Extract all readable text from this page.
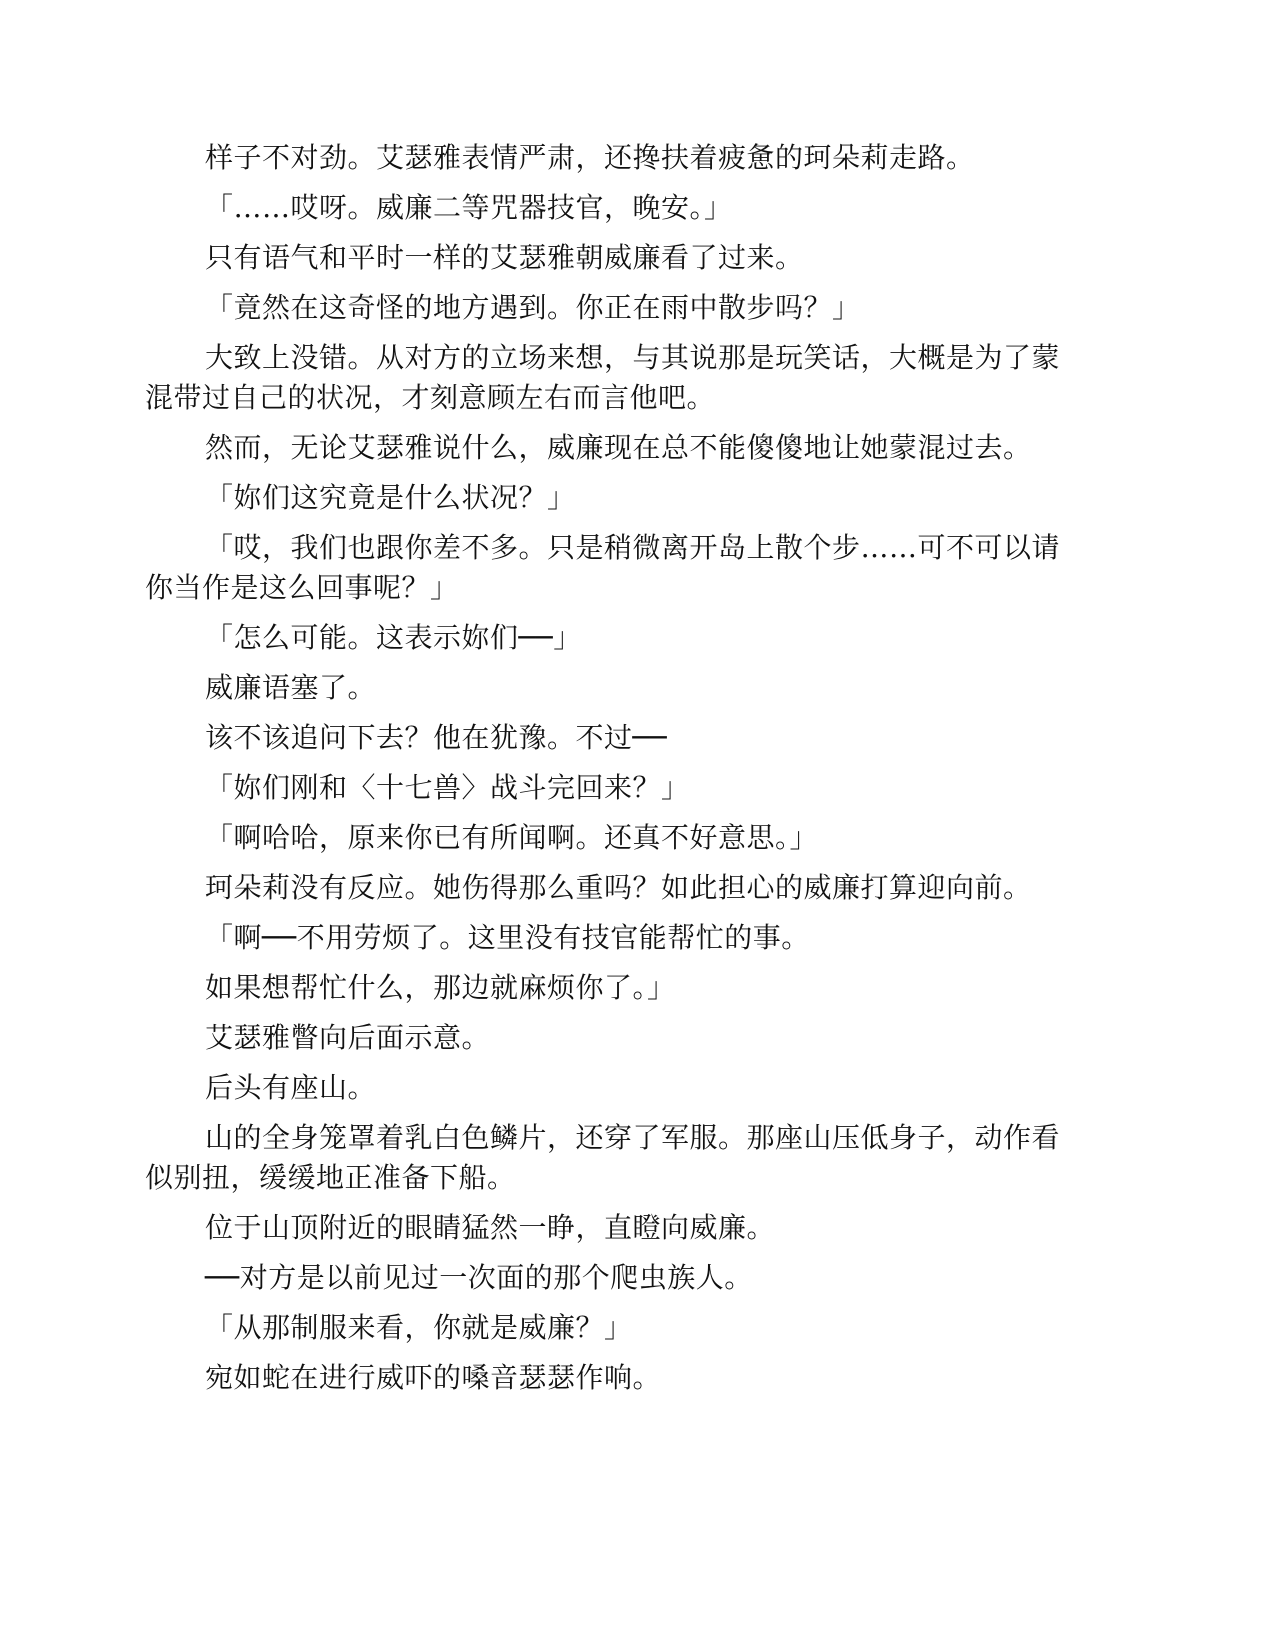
样子不对劲。艾瑟雅表情严肃，还搀扶着疲惫的珂朵莉走路。

「……哎呀。威廉二等咒器技官，晚安。」

只有语气和平时一样的艾瑟雅朝威廉看了过来。

「竟然在这奇怪的地方遇到。你正在雨中散步吗？」

大致上没错。从对方的立场来想，与其说那是玩笑话，大概是为了蒙混带过自己的状况，才刻意顾左右而言他吧。

然而，无论艾瑟雅说什么，威廉现在总不能傻傻地让她蒙混过去。

「妳们这究竟是什么状况？」

「哎，我们也跟你差不多。只是稍微离开岛上散个步……可不可以请你当作是这么回事呢？」

「怎么可能。这表示妳们──」

威廉语塞了。

该不该追问下去？他在犹豫。不过──

「妳们刚和〈十七兽〉战斗完回来？」

「啊哈哈，原来你已有所闻啊。还真不好意思。」

珂朵莉没有反应。她伤得那么重吗？如此担心的威廉打算迎向前。

「啊──不用劳烦了。这里没有技官能帮忙的事。

如果想帮忙什么，那边就麻烦你了。」

艾瑟雅瞥向后面示意。

后头有座山。

山的全身笼罩着乳白色鳞片，还穿了军服。那座山压低身子，动作看似别扭，缓缓地正准备下船。

位于山顶附近的眼睛猛然一睁，直瞪向威廉。

──对方是以前见过一次面的那个爬虫族人。

「从那制服来看，你就是威廉？」

宛如蛇在进行威吓的嗓音瑟瑟作响。
